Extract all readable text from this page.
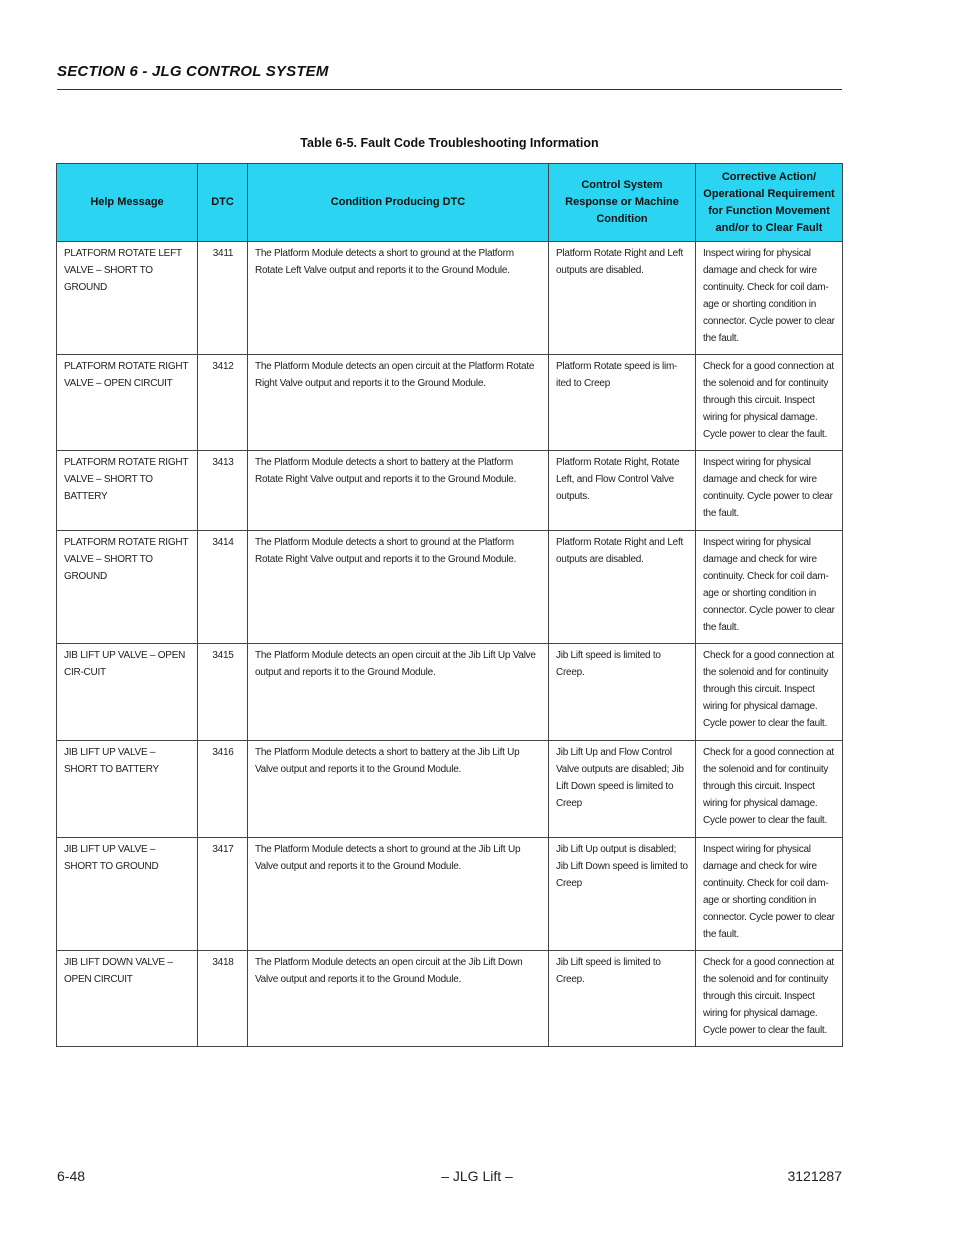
SECTION 6 - JLG CONTROL SYSTEM
Table 6-5. Fault Code Troubleshooting Information
Help Message	DTC	Condition Producing DTC	Control System Response or Machine Condition	Corrective Action/ Operational Requirement for Function Movement and/or to Clear Fault
PLATFORM ROTATE LEFT VALVE – SHORT TO GROUND	3411	The Platform Module detects a short to ground at the Platform Rotate Left Valve output and reports it to the Ground Module.	Platform Rotate Right and Left outputs are disabled.	Inspect wiring for physical damage and check for wire continuity. Check for coil dam-age or shorting condition in connector. Cycle power to clear the fault.
PLATFORM ROTATE RIGHT VALVE – OPEN CIRCUIT	3412	The Platform Module detects an open circuit at the Platform Rotate Right Valve output and reports it to the Ground Module.	Platform Rotate speed is lim-ited to Creep	Check for a good connection at the solenoid and for continuity through this circuit. Inspect wiring for physical damage. Cycle power to clear the fault.
PLATFORM ROTATE RIGHT VALVE – SHORT TO BATTERY	3413	The Platform Module detects a short to battery at the Platform Rotate Right Valve output and reports it to the Ground Module.	Platform Rotate Right, Rotate Left, and Flow Control Valve outputs.	Inspect wiring for physical damage and check for wire continuity. Cycle power to clear the fault.
PLATFORM ROTATE RIGHT VALVE – SHORT TO GROUND	3414	The Platform Module detects a short to ground at the Platform Rotate Right Valve output and reports it to the Ground Module.	Platform Rotate Right and Left outputs are disabled.	Inspect wiring for physical damage and check for wire continuity. Check for coil dam-age or shorting condition in connector. Cycle power to clear the fault.
JIB LIFT UP VALVE – OPEN CIR-CUIT	3415	The Platform Module detects an open circuit at the Jib Lift Up Valve output and reports it to the Ground Module.	Jib Lift speed is limited to Creep.	Check for a good connection at the solenoid and for continuity through this circuit. Inspect wiring for physical damage. Cycle power to clear the fault.
JIB LIFT UP VALVE – SHORT TO BATTERY	3416	The Platform Module detects a short to battery at the Jib Lift Up Valve output and reports it to the Ground Module.	Jib Lift Up and Flow Control Valve outputs are disabled; Jib Lift Down speed is limited to Creep	Check for a good connection at the solenoid and for continuity through this circuit. Inspect wiring for physical damage. Cycle power to clear the fault.
JIB LIFT UP VALVE – SHORT TO GROUND	3417	The Platform Module detects a short to ground at the Jib Lift Up Valve output and reports it to the Ground Module.	Jib Lift Up output is disabled; Jib Lift Down speed is limited to Creep	Inspect wiring for physical damage and check for wire continuity. Check for coil dam-age or shorting condition in connector. Cycle power to clear the fault.
JIB LIFT DOWN VALVE – OPEN CIRCUIT	3418	The Platform Module detects an open circuit at the Jib Lift Down Valve output and reports it to the Ground Module.	Jib Lift speed is limited to Creep.	Check for a good connection at the solenoid and for continuity through this circuit. Inspect wiring for physical damage. Cycle power to clear the fault.
6-48	– JLG Lift –	3121287
